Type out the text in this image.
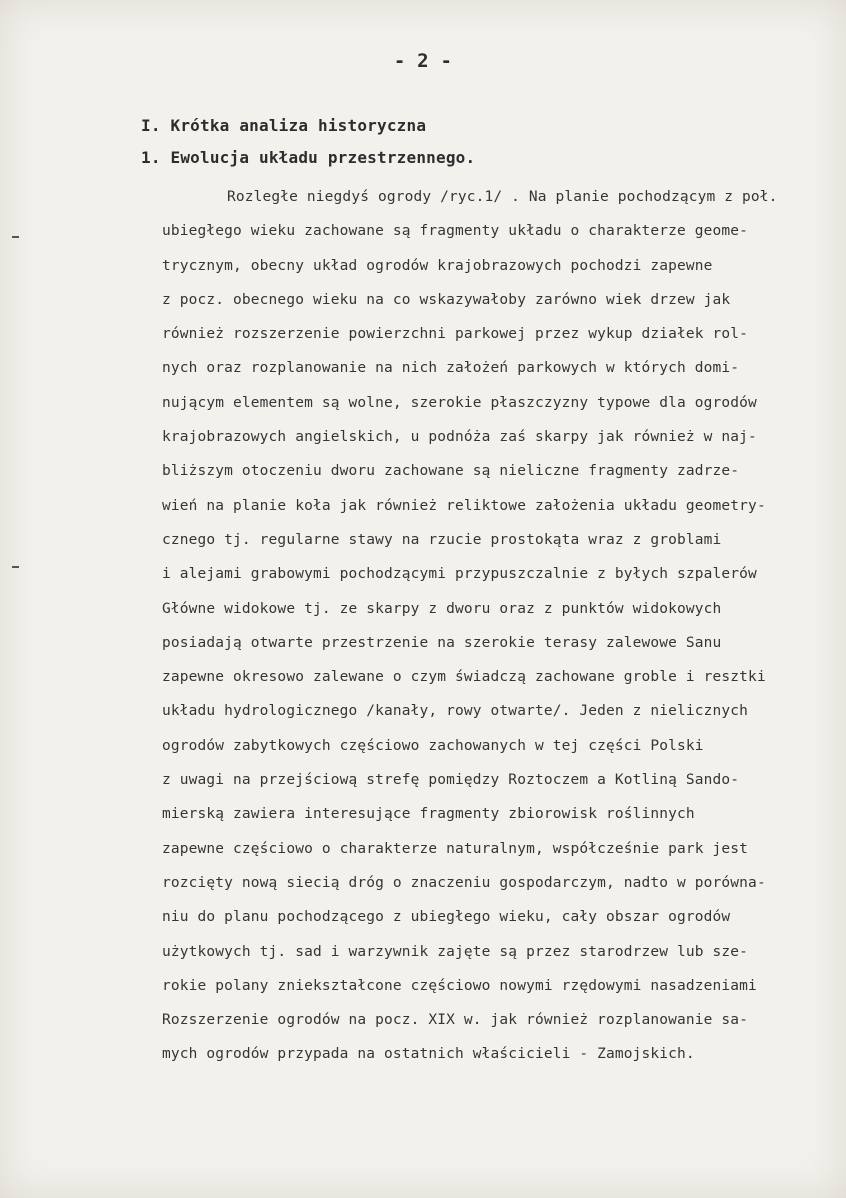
- 2 -
I. Krótka analiza historyczna
1. Ewolucja układu przestrzennego.
Rozległe niegdyś ogrody /ryc.1/ . Na planie pochodzącym z poł.
ubiegłego wieku zachowane są fragmenty układu o charakterze geome-
trycznym, obecny układ ogrodów krajobrazowych pochodzi zapewne
z pocz. obecnego wieku na co wskazywałoby zarówno wiek drzew jak
również rozszerzenie powierzchni parkowej przez wykup działek rol-
nych oraz rozplanowanie na nich założeń parkowych w których domi-
nującym elementem są wolne, szerokie płaszczyzny typowe dla ogrodów
krajobrazowych angielskich, u podnóża zaś skarpy jak również w naj-
bliższym otoczeniu dworu zachowane są nieliczne fragmenty zadrze-
wień na planie koła jak również reliktowe założenia układu geometry-
cznego tj. regularne stawy na rzucie prostokąta wraz z groblami
i alejami grabowymi pochodzącymi przypuszczalnie z byłych szpalerów
Główne widokowe tj. ze skarpy z dworu oraz z punktów widokowych
posiadają otwarte przestrzenie na szerokie terasy zalewowe Sanu
zapewne okresowo zalewane o czym świadczą zachowane groble i resztki
układu hydrologicznego /kanały, rowy otwarte/. Jeden z nielicznych
ogrodów zabytkowych częściowo zachowanych w tej części Polski
z uwagi na przejściową strefę pomiędzy Roztoczem a Kotliną Sando-
mierską zawiera interesujące fragmenty zbiorowisk roślinnych
zapewne częściowo o charakterze naturalnym, współcześnie park jest
rozcięty nową siecią dróg o znaczeniu gospodarczym, nadto w porówna-
niu do planu pochodzącego z ubiegłego wieku, cały obszar ogrodów
użytkowych tj. sad i warzywnik zajęte są przez starodrzew lub sze-
rokie polany zniekształcone częściowo nowymi rzędowymi nasadzeniami
Rozszerzenie ogrodów na pocz. XIX w. jak również rozplanowanie sa-
mych ogrodów przypada na ostatnich właścicieli - Zamojskich.
